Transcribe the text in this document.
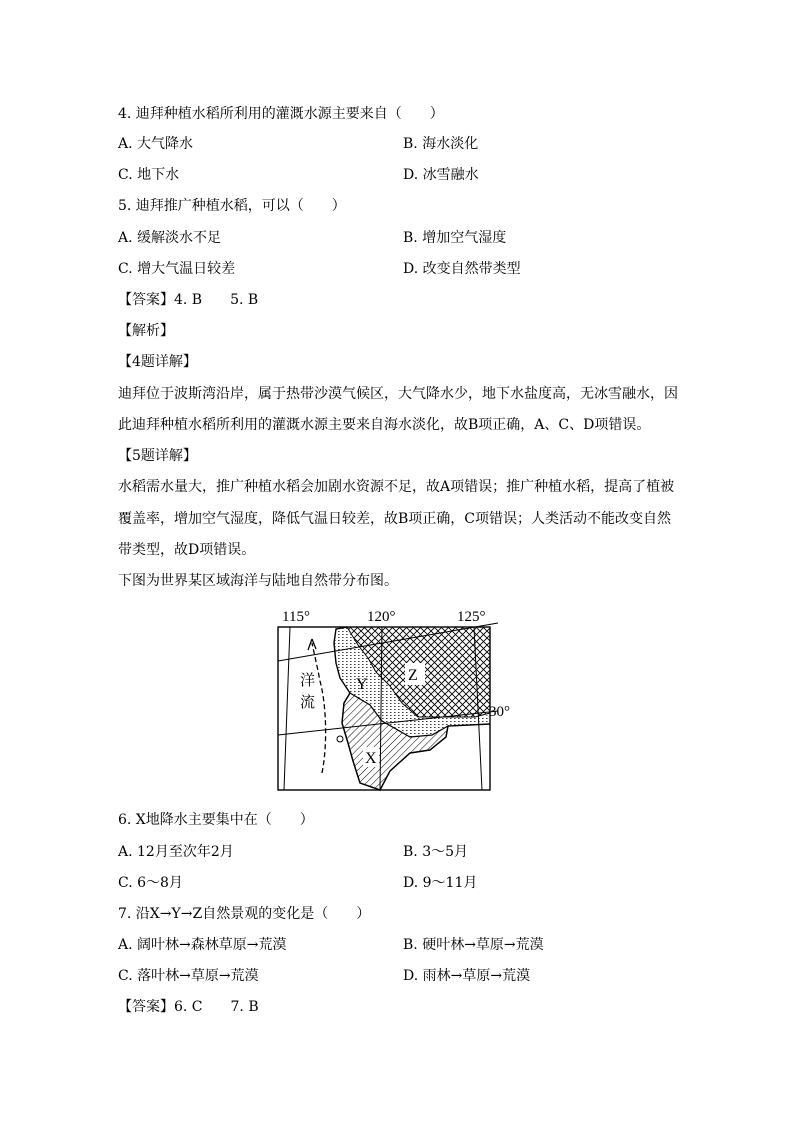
4. 迪拜种植水稻所利用的灌溉水源主要来自（　　）
A. 大气降水	B. 海水淡化
C. 地下水	D. 冰雪融水
5. 迪拜推广种植水稻，可以（　　）
A. 缓解淡水不足	B. 增加空气湿度
C. 增大气温日较差	D. 改变自然带类型
【答案】4. B　　5. B
【解析】
【4题详解】
迪拜位于波斯湾沿岸，属于热带沙漠气候区，大气降水少，地下水盐度高，无冰雪融水，因
此迪拜种植水稻所利用的灌溉水源主要来自海水淡化，故B项正确，A、C、D项错误。
【5题详解】
水稻需水量大，推广种植水稻会加剧水资源不足，故A项错误；推广种植水稻，提高了植被
覆盖率，增加空气湿度，降低气温日较差，故B项正确，C项错误；人类活动不能改变自然
带类型，故D项错误。
下图为世界某区域海洋与陆地自然带分布图。
115°	120°	125°
洋
流
Y
Z
X
30°
6. X地降水主要集中在（　　）
A. 12月至次年2月	B. 3～5月
C. 6～8月	D. 9～11月
7. 沿X→Y→Z自然景观的变化是（　　）
A. 阔叶林→森林草原→荒漠	B. 硬叶林→草原→荒漠
C. 落叶林→草原→荒漠	D. 雨林→草原→荒漠
【答案】6. C　　7. B
